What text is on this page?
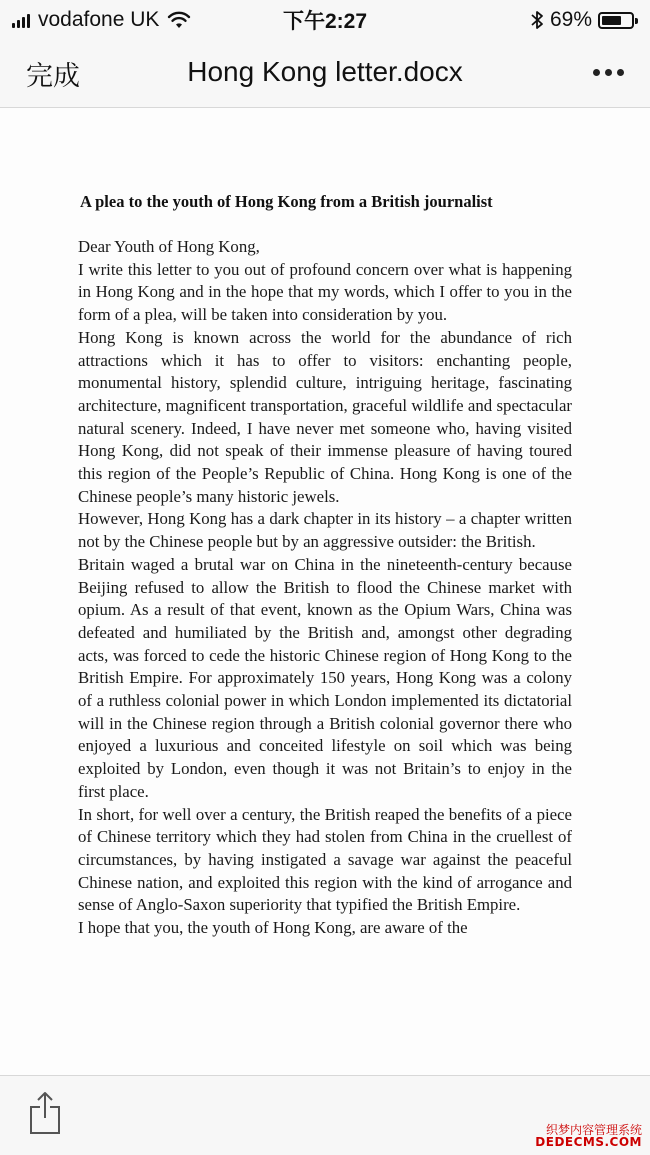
vodafone UK	下午2:27	69%
完成	Hong Kong letter.docx
A plea to the youth of Hong Kong from a British journalist

Dear Youth of Hong Kong,

I write this letter to you out of profound concern over what is happening in Hong Kong and in the hope that my words, which I offer to you in the form of a plea, will be taken into consideration by you.

Hong Kong is known across the world for the abundance of rich attractions which it has to offer to visitors: enchanting people, monumental history, splendid culture, intriguing heritage, fascinating architecture, magnificent transportation, graceful wildlife and spectacular natural scenery. Indeed, I have never met someone who, having visited Hong Kong, did not speak of their immense pleasure of having toured this region of the People’s Republic of China. Hong Kong is one of the Chinese people’s many historic jewels.

However, Hong Kong has a dark chapter in its history – a chapter written not by the Chinese people but by an aggressive outsider: the British.

Britain waged a brutal war on China in the nineteenth-century because Beijing refused to allow the British to flood the Chinese market with opium. As a result of that event, known as the Opium Wars, China was defeated and humiliated by the British and, amongst other degrading acts, was forced to cede the historic Chinese region of Hong Kong to the British Empire. For approximately 150 years, Hong Kong was a colony of a ruthless colonial power in which London implemented its dictatorial will in the Chinese region through a British colonial governor there who enjoyed a luxurious and conceited lifestyle on soil which was being exploited by London, even though it was not Britain’s to enjoy in the first place.

In short, for well over a century, the British reaped the benefits of a piece of Chinese territory which they had stolen from China in the cruellest of circumstances, by having instigated a savage war against the peaceful Chinese nation, and exploited this region with the kind of arrogance and sense of Anglo-Saxon superiority that typified the British Empire.

I hope that you, the youth of Hong Kong, are aware of the

织梦内容管理系统
DEDECMS.COM
